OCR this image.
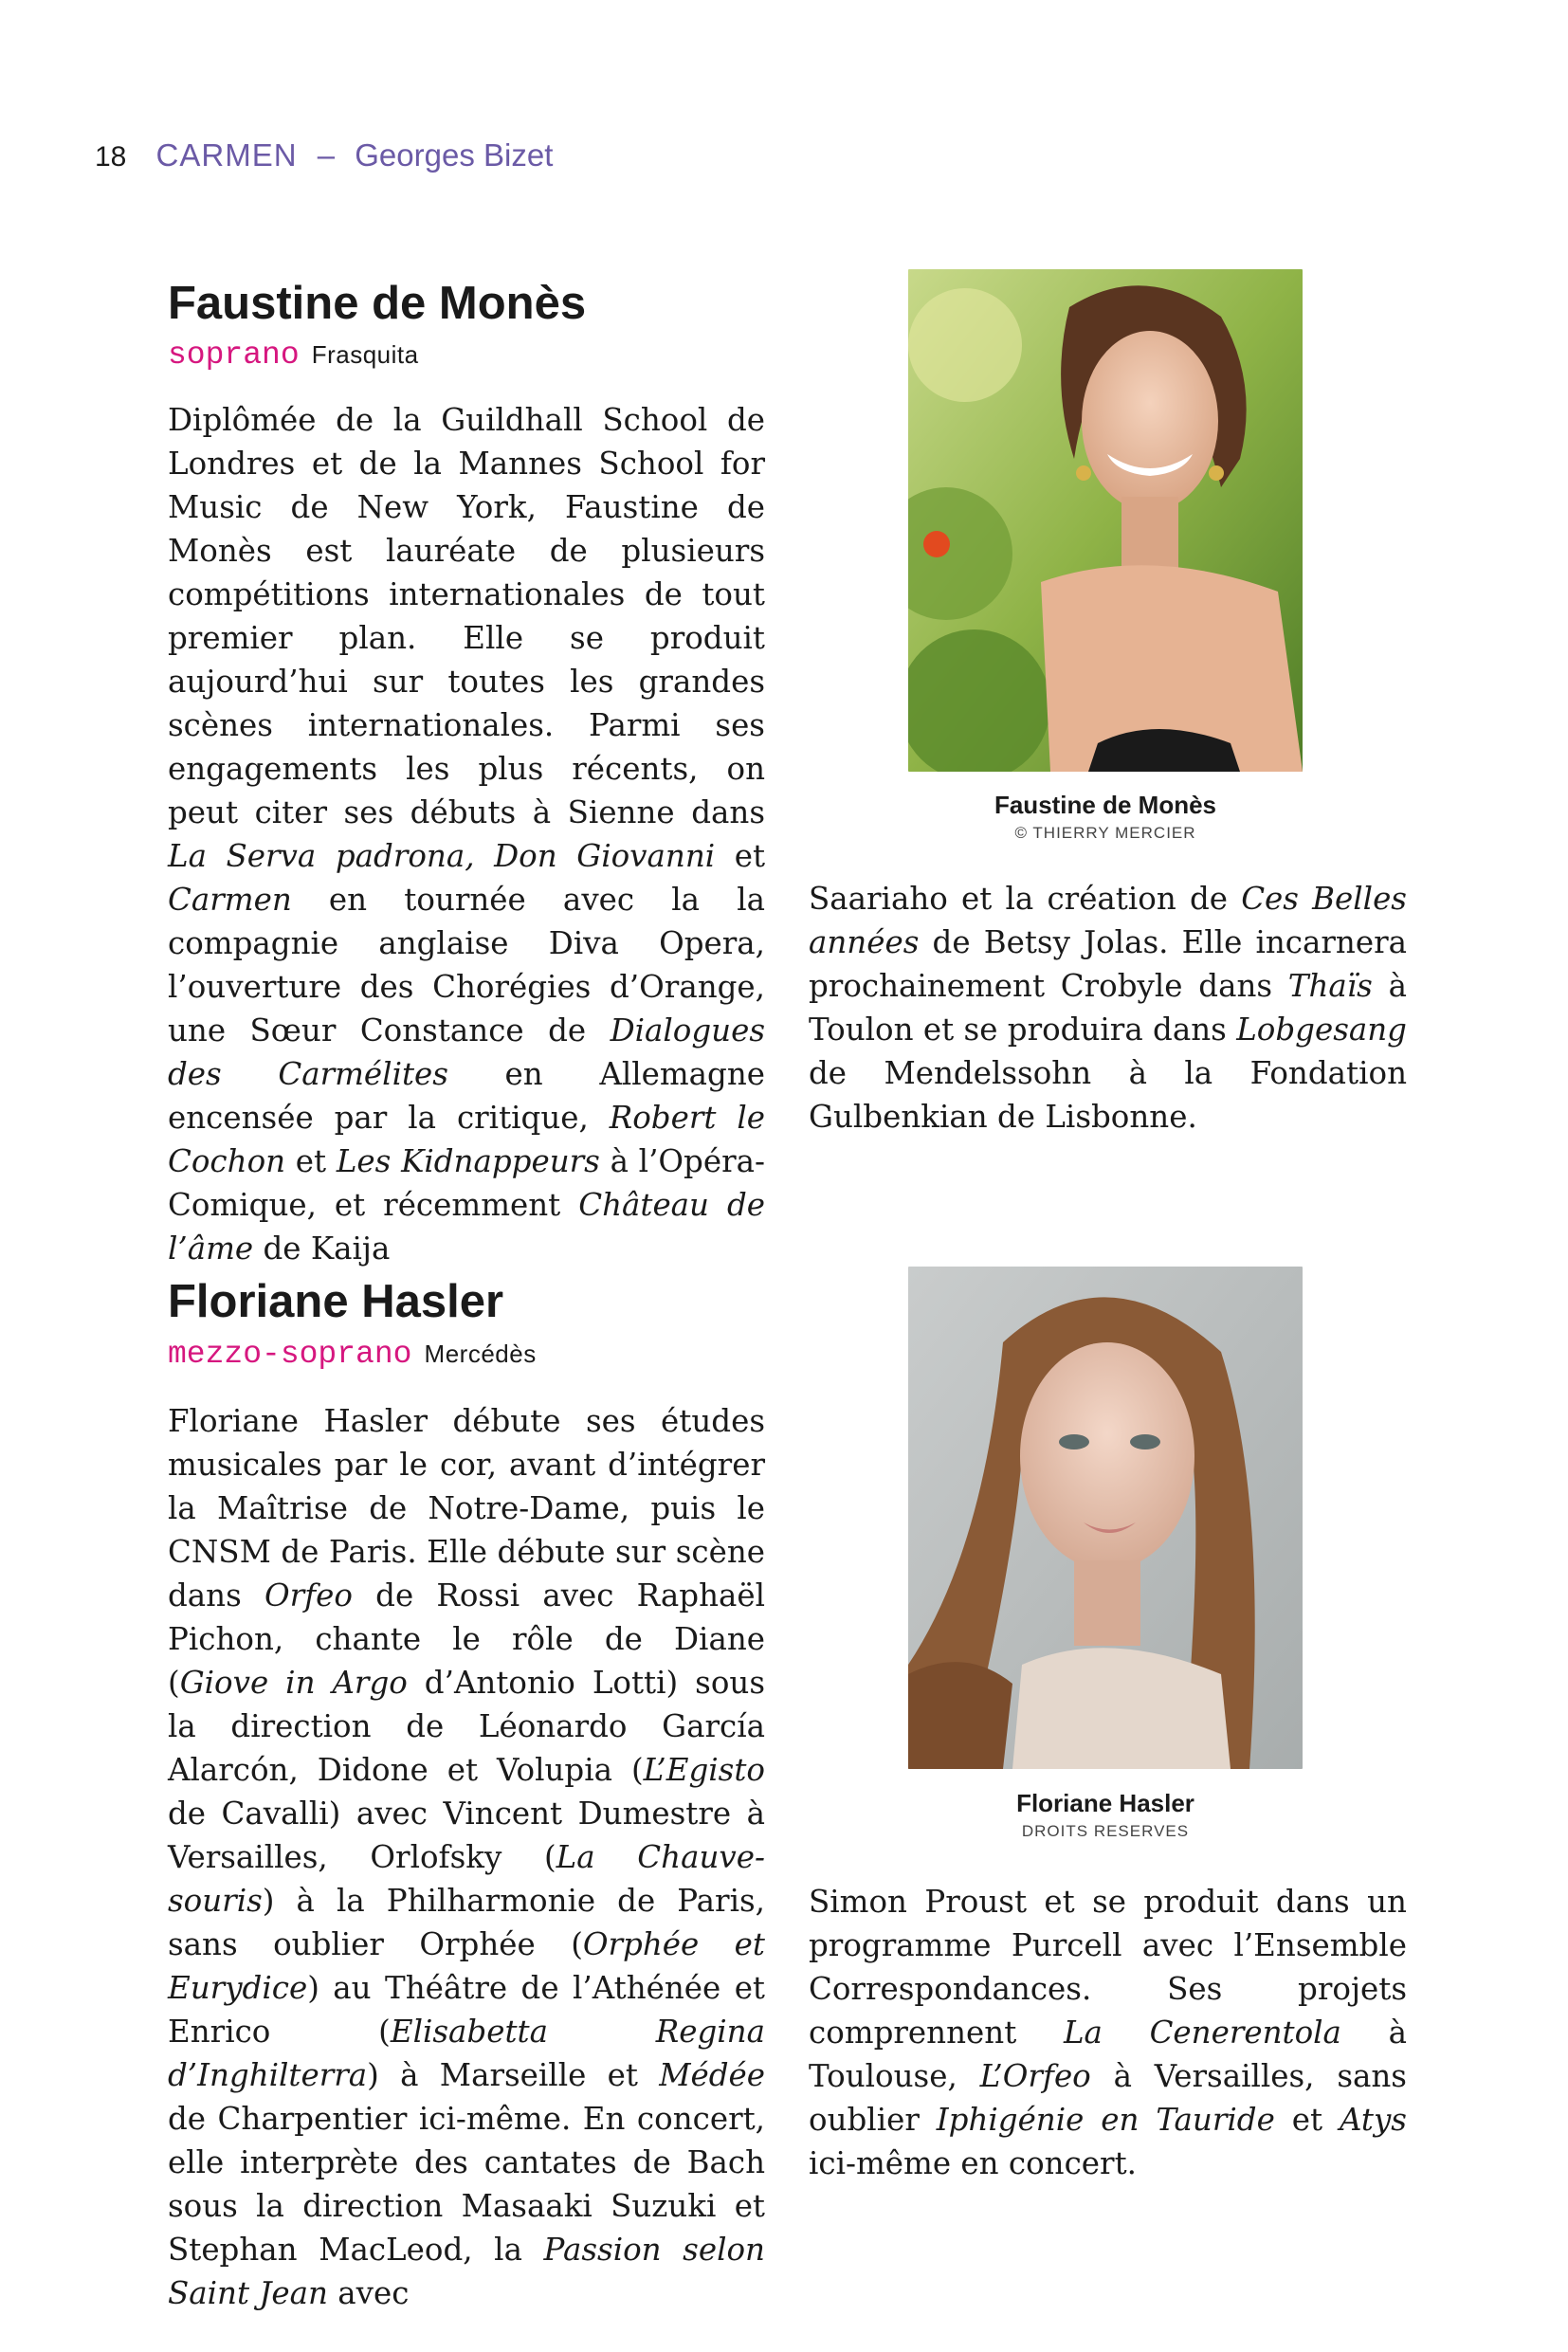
18 CARMEN – Georges Bizet
Faustine de Monès
soprano Frasquita

Diplômée de la Guildhall School de Londres et de la Mannes School for Music de New York, Faustine de Monès est lauréate de plusieurs compétitions internationales de tout premier plan. Elle se produit aujourd’hui sur toutes les grandes scènes internationales. Parmi ses engagements les plus récents, on peut citer ses débuts à Sienne dans La Serva padrona, Don Giovanni et Carmen en tournée avec la la compagnie anglaise Diva Opera, l’ouverture des Chorégies d’Orange, une Sœur Constance de Dialogues des Carmélites en Allemagne encensée par la critique, Robert le Cochon et Les Kidnappeurs à l’Opéra-Comique, et récemment Château de l’âme de Kaija

Faustine de Monès
© THIERRY MERCIER

Saariaho et la création de Ces Belles années de Betsy Jolas. Elle incarnera prochainement Crobyle dans Thaïs à Toulon et se produira dans Lobgesang de Mendelssohn à la Fondation Gulbenkian de Lisbonne.

Floriane Hasler
mezzo-soprano Mercédès

Floriane Hasler débute ses études musicales par le cor, avant d’intégrer la Maîtrise de Notre-Dame, puis le CNSM de Paris. Elle débute sur scène dans Orfeo de Rossi avec Raphaël Pichon, chante le rôle de Diane (Giove in Argo d’Antonio Lotti) sous la direction de Léonardo García Alarcón, Didone et Volupia (L’Egisto de Cavalli) avec Vincent Dumestre à Versailles, Orlofsky (La Chauve-souris) à la Philharmonie de Paris, sans oublier Orphée (Orphée et Eurydice) au Théâtre de l’Athénée et Enrico (Elisabetta Regina d’Inghilterra) à Marseille et Médée de Charpentier ici-même. En concert, elle interprète des cantates de Bach sous la direction Masaaki Suzuki et Stephan MacLeod, la Passion selon Saint Jean avec

Floriane Hasler
DROITS RESERVES

Simon Proust et se produit dans un programme Purcell avec l’Ensemble Correspondances. Ses projets comprennent La Cenerentola à Toulouse, L’Orfeo à Versailles, sans oublier Iphigénie en Tauride et Atys ici-même en concert.
